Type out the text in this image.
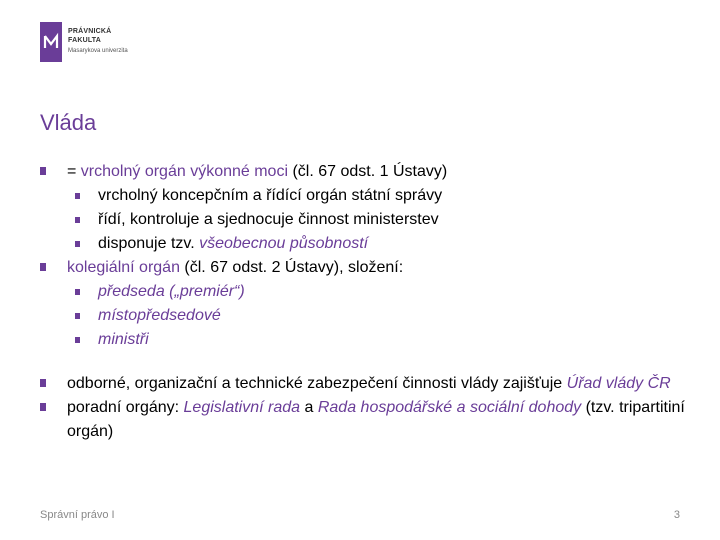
PRÁVNICKÁ
FAKULTA
Masarykova univerzita
Vláda
= vrcholný orgán výkonné moci (čl. 67 odst. 1 Ústavy)
vrcholný koncepčním a řídící orgán státní správy
řídí, kontroluje a sjednocuje činnost ministerstev
disponuje tzv. všeobecnou působností
kolegiální orgán (čl. 67 odst. 2 Ústavy), složení:
předseda („premiér“)
místopředsedové
ministři
odborné, organizační a technické zabezpečení činnosti vlády zajišťuje Úřad vlády ČR
poradní orgány: Legislativní rada a Rada hospodářské a sociální dohody (tzv. tripartitiní orgán)
Správní právo I	3
